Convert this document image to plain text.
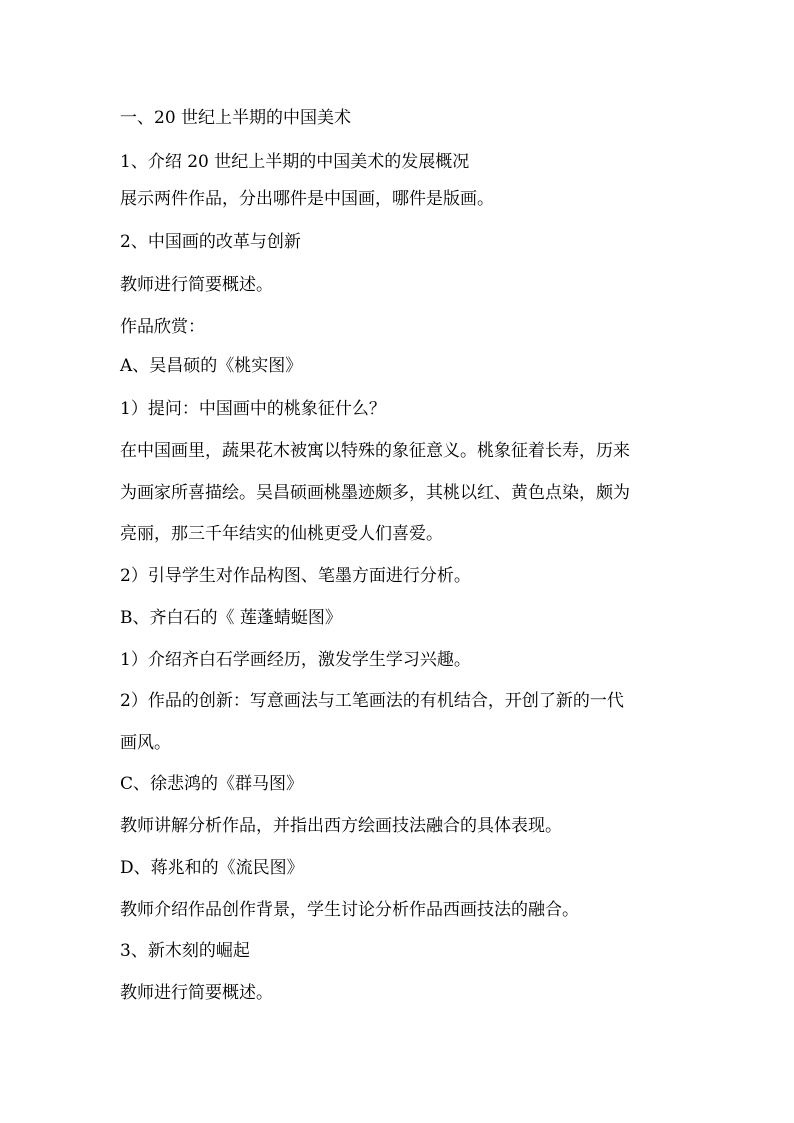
一、20 世纪上半期的中国美术

1、介绍 20 世纪上半期的中国美术的发展概况

展示两件作品，分出哪件是中国画，哪件是版画。

2、中国画的改革与创新

教师进行简要概述。

作品欣赏：

A、吴昌硕的《桃实图》

1）提问：中国画中的桃象征什么？

在中国画里，蔬果花木被寓以特殊的象征意义。桃象征着长寿，历来

为画家所喜描绘。吴昌硕画桃墨迹颇多，其桃以红、黄色点染，颇为

亮丽，那三千年结实的仙桃更受人们喜爱。

2）引导学生对作品构图、笔墨方面进行分析。

B、齐白石的《 莲蓬蜻蜓图》

1）介绍齐白石学画经历，激发学生学习兴趣。

2）作品的创新：写意画法与工笔画法的有机结合，开创了新的一代

画风。

C、徐悲鸿的《群马图》

教师讲解分析作品，并指出西方绘画技法融合的具体表现。

D、蒋兆和的《流民图》

教师介绍作品创作背景，学生讨论分析作品西画技法的融合。

3、新木刻的崛起

教师进行简要概述。
